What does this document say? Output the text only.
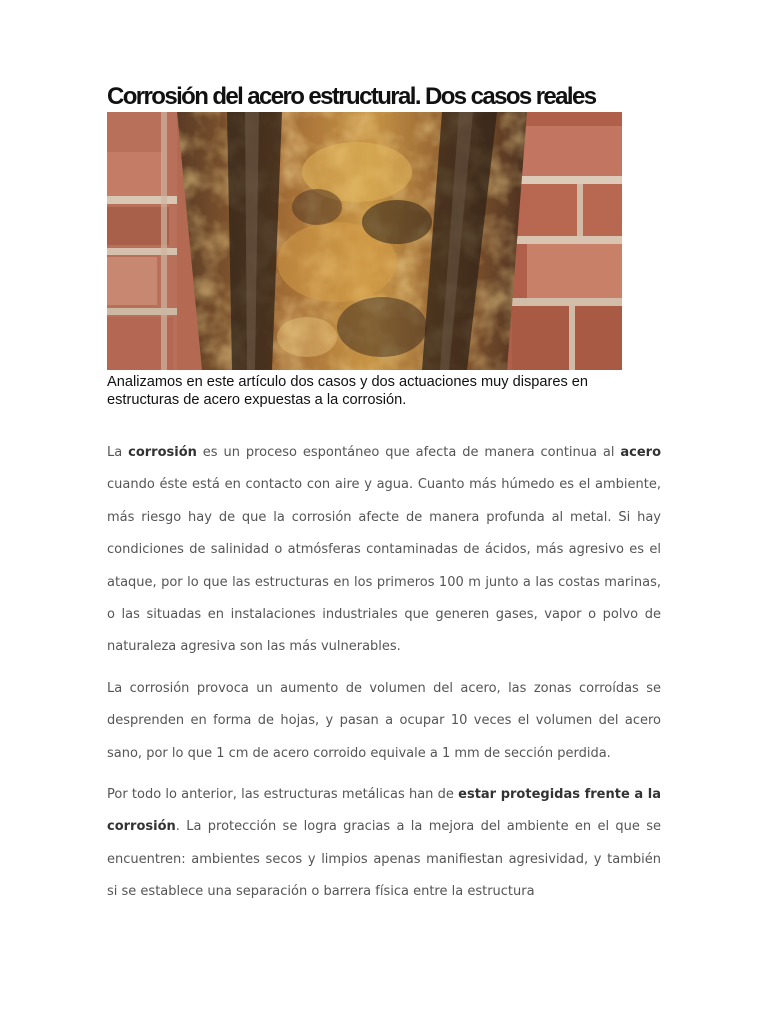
Corrosión del acero estructural. Dos casos reales

Analizamos en este artículo dos casos y dos actuaciones muy dispares en estructuras de acero expuestas a la corrosión.

La corrosión es un proceso espontáneo que afecta de manera continua al acero cuando éste está en contacto con aire y agua. Cuanto más húmedo es el ambiente, más riesgo hay de que la corrosión afecte de manera profunda al metal. Si hay condiciones de salinidad o atmósferas contaminadas de ácidos, más agresivo es el ataque, por lo que las estructuras en los primeros 100 m junto a las costas marinas, o las situadas en instalaciones industriales que generen gases, vapor o polvo de naturaleza agresiva son las más vulnerables.

La corrosión provoca un aumento de volumen del acero, las zonas corroídas se desprenden en forma de hojas, y pasan a ocupar 10 veces el volumen del acero sano, por lo que 1 cm de acero corroido equivale a 1 mm de sección perdida.

Por todo lo anterior, las estructuras metálicas han de estar protegidas frente a la corrosión. La protección se logra gracias a la mejora del ambiente en el que se encuentren: ambientes secos y limpios apenas manifiestan agresividad, y también si se establece una separación o barrera física entre la estructura
